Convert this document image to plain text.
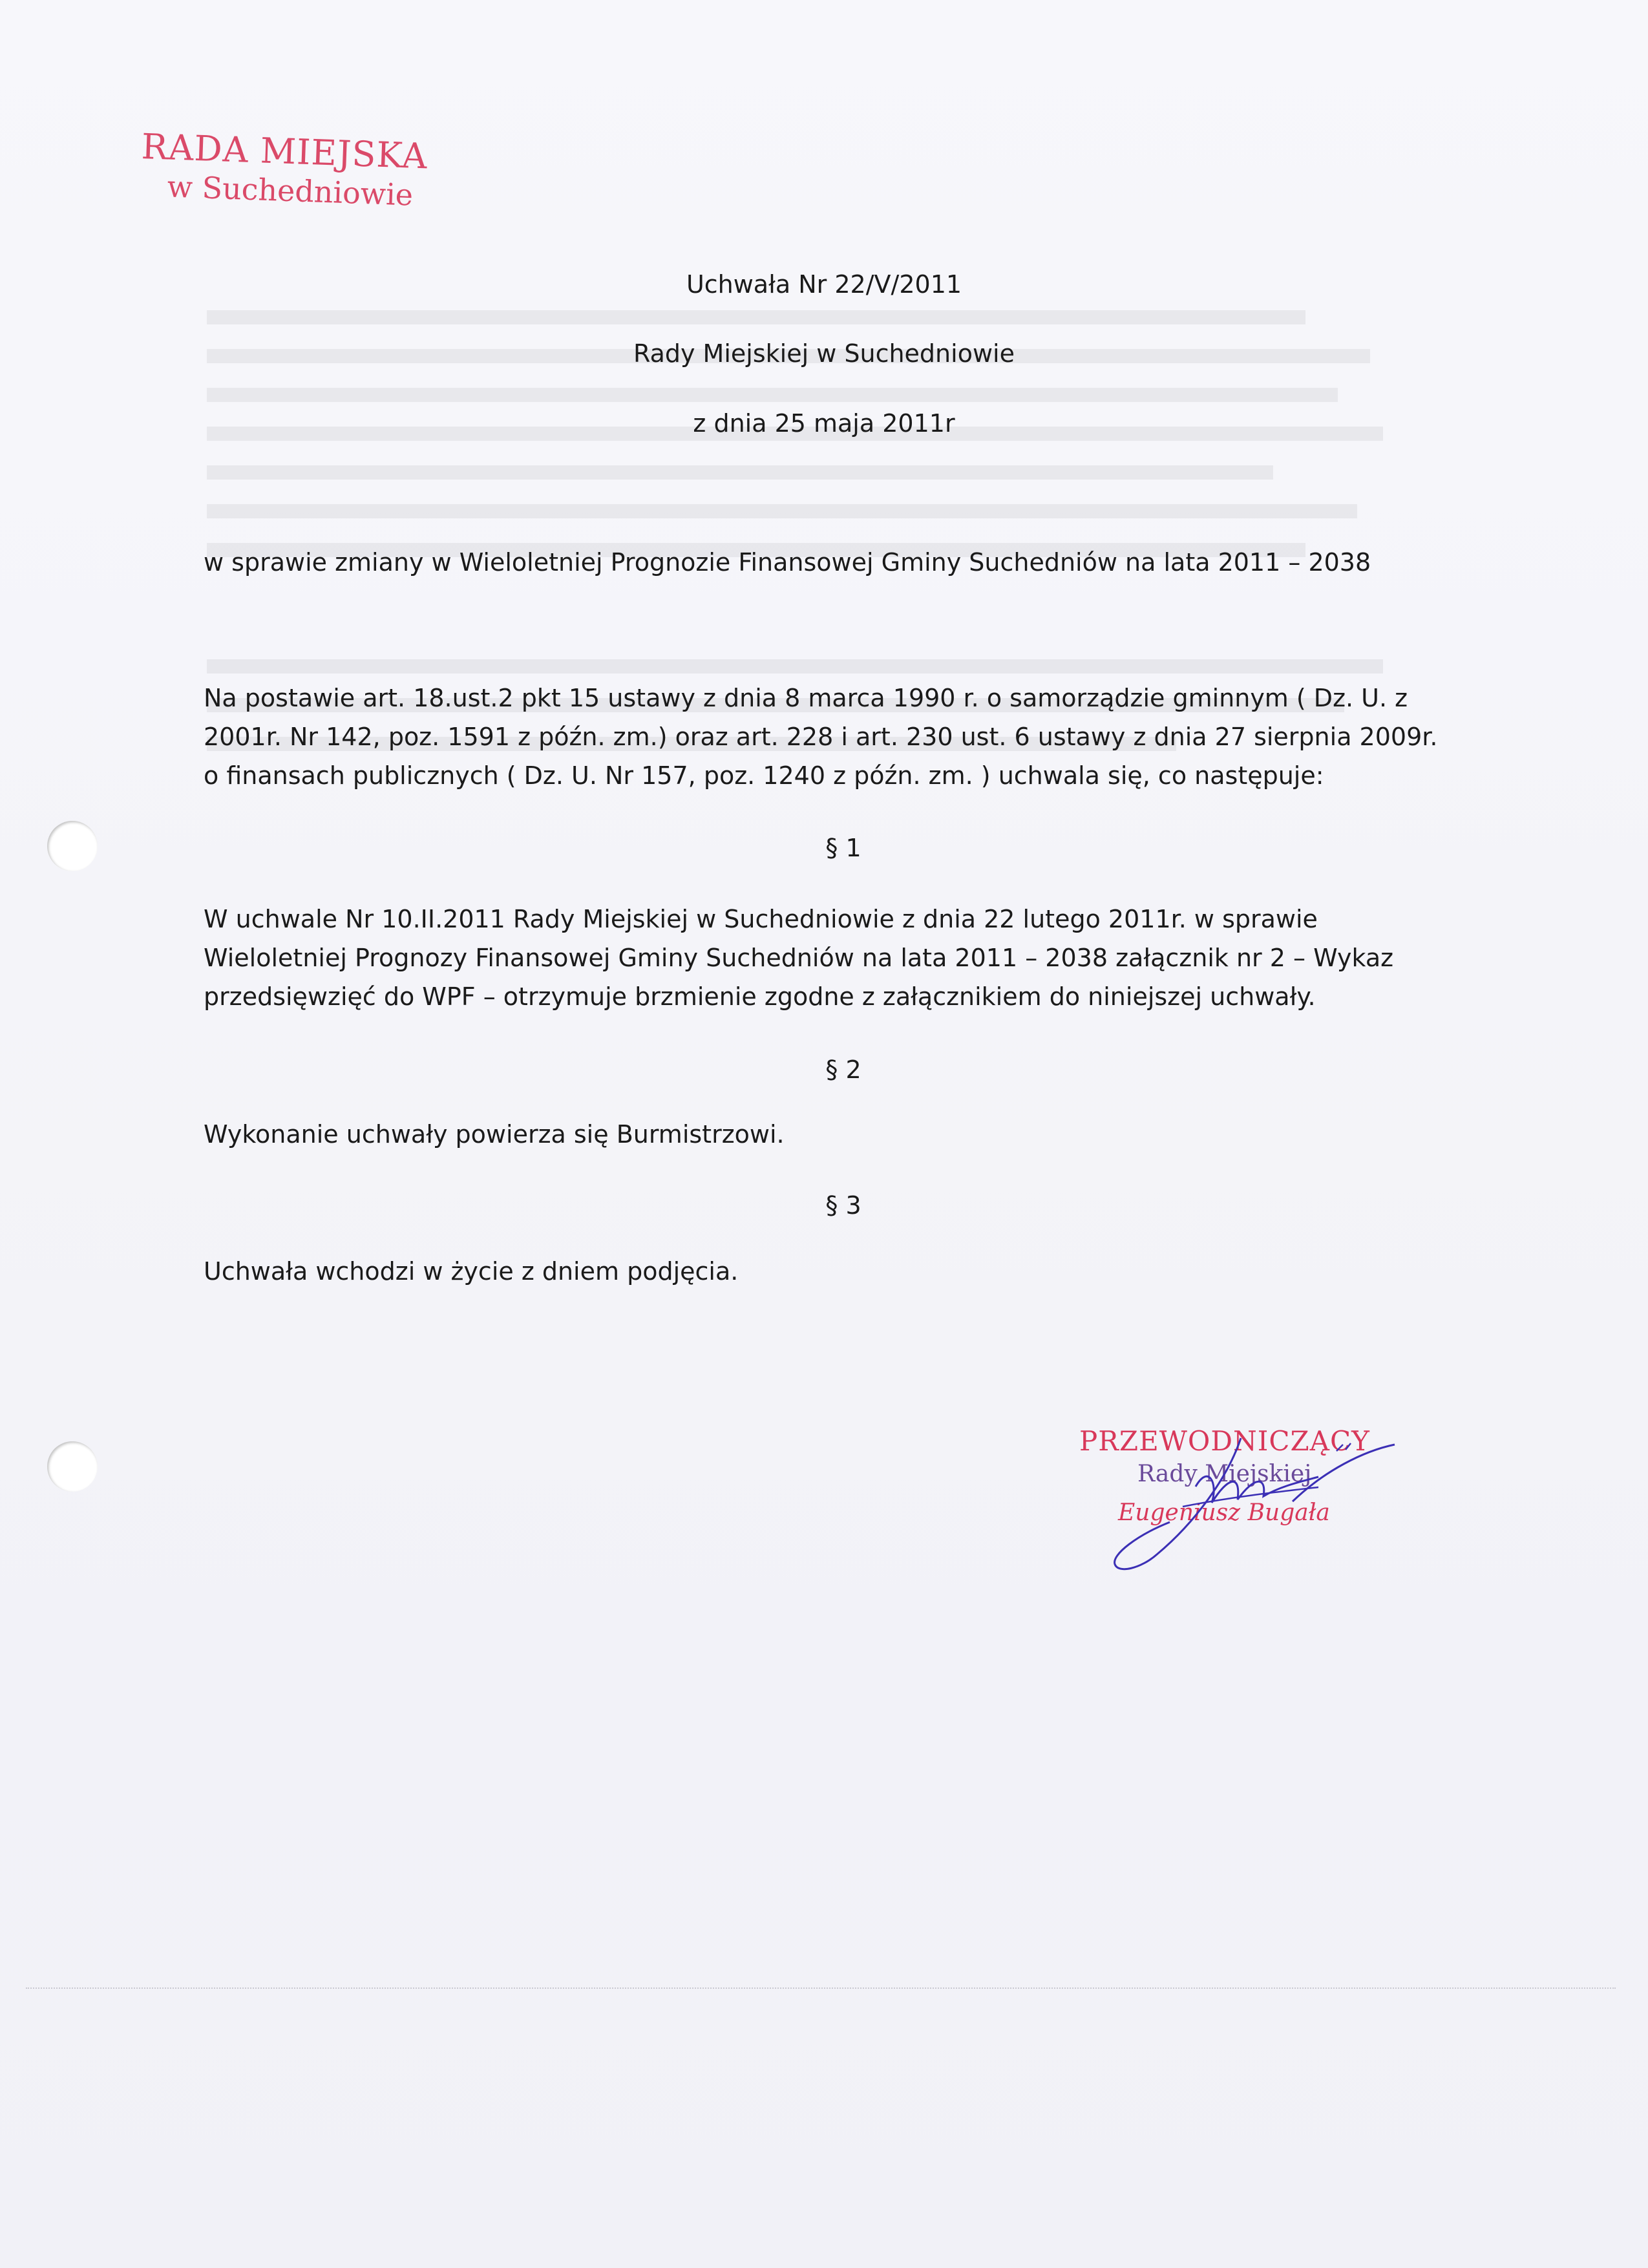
RADA MIEJSKA
w Suchedniowie
Uchwała Nr 22/V/2011
Rady Miejskiej w Suchedniowie
z dnia 25 maja 2011r
w sprawie zmiany w Wieloletniej Prognozie Finansowej Gminy Suchedniów na lata 2011 – 2038
Na postawie art. 18.ust.2 pkt 15 ustawy z dnia 8 marca 1990 r. o samorządzie gminnym ( Dz. U. z 2001r. Nr 142, poz. 1591 z późn. zm.) oraz art. 228 i art. 230 ust. 6 ustawy z dnia 27 sierpnia 2009r. o finansach publicznych ( Dz. U. Nr 157, poz. 1240 z późn. zm. ) uchwala się, co następuje:
§ 1
W uchwale Nr 10.II.2011 Rady Miejskiej w Suchedniowie z dnia 22 lutego 2011r. w sprawie Wieloletniej Prognozy Finansowej Gminy Suchedniów na lata 2011 – 2038 załącznik nr 2 – Wykaz przedsięwzięć do WPF – otrzymuje brzmienie zgodne z załącznikiem do niniejszej uchwały.
§ 2
Wykonanie uchwały powierza się Burmistrzowi.
§ 3
Uchwała wchodzi w życie z dniem podjęcia.
PRZEWODNICZĄCY
Rady Miejskiej
Eugeniusz Bugała
